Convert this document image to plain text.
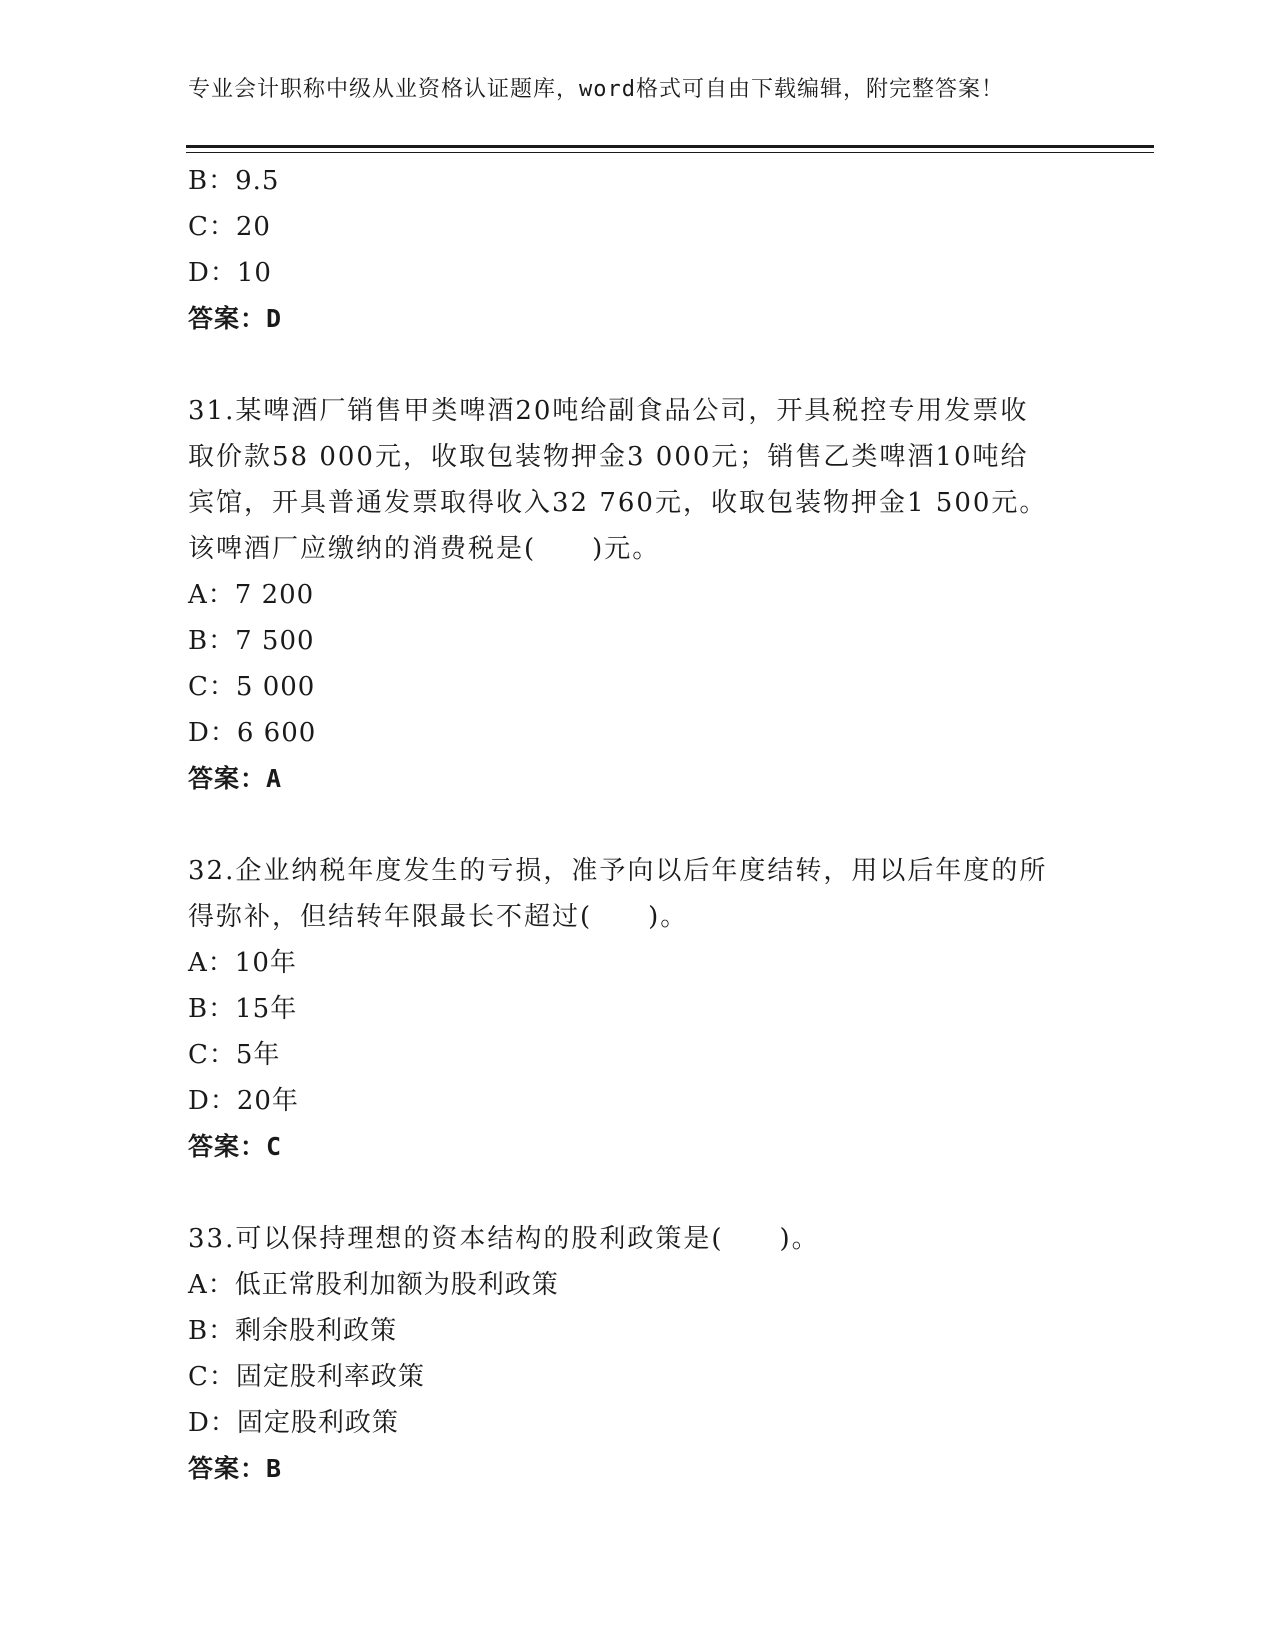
专业会计职称中级从业资格认证题库，word格式可自由下载编辑，附完整答案！
B：9.5
C：20
D：10
答案：D
31.某啤酒厂销售甲类啤酒20吨给副食品公司，开具税控专用发票收
取价款58 000元，收取包装物押金3 000元；销售乙类啤酒10吨给
宾馆，开具普通发票取得收入32 760元，收取包装物押金1 500元。
该啤酒厂应缴纳的消费税是(　　)元。
A：7 200
B：7 500
C：5 000
D：6 600
答案：A
32.企业纳税年度发生的亏损，准予向以后年度结转，用以后年度的所
得弥补，但结转年限最长不超过(　　)。
A：10年
B：15年
C：5年
D：20年
答案：C
33.可以保持理想的资本结构的股利政策是(　　)。
A：低正常股利加额为股利政策
B：剩余股利政策
C：固定股利率政策
D：固定股利政策
答案：B
